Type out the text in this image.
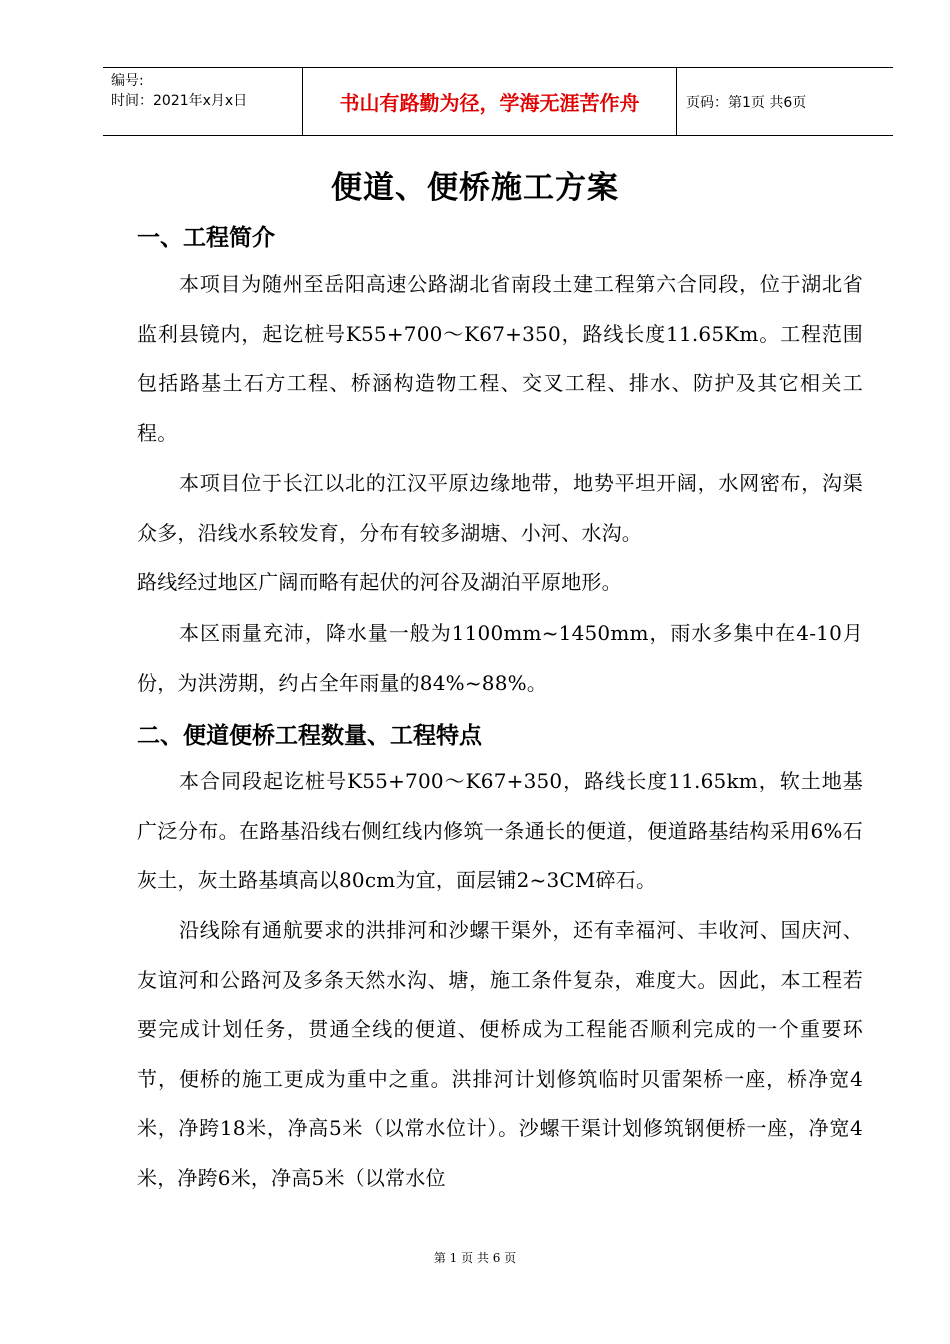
编号:
时间：2021年x月x日	书山有路勤为径，学海无涯苦作舟	页码：第1页 共6页
便道、便桥施工方案
一、工程简介
本项目为随州至岳阳高速公路湖北省南段土建工程第六合同段，位于湖北省监利县镜内，起讫桩号K55+700～K67+350，路线长度11.65Km。工程范围包括路基土石方工程、桥涵构造物工程、交叉工程、排水、防护及其它相关工程。
本项目位于长江以北的江汉平原边缘地带，地势平坦开阔，水网密布，沟渠众多，沿线水系较发育，分布有较多湖塘、小河、水沟。
路线经过地区广阔而略有起伏的河谷及湖泊平原地形。
本区雨量充沛，降水量一般为1100mm~1450mm，雨水多集中在4-10月份，为洪涝期，约占全年雨量的84%~88%。
二、便道便桥工程数量、工程特点
本合同段起讫桩号K55+700～K67+350，路线长度11.65km，软土地基广泛分布。在路基沿线右侧红线内修筑一条通长的便道，便道路基结构采用6%石灰土，灰土路基填高以80cm为宜，面层铺2~3CM碎石。
沿线除有通航要求的洪排河和沙螺干渠外，还有幸福河、丰收河、国庆河、友谊河和公路河及多条天然水沟、塘，施工条件复杂，难度大。因此，本工程若要完成计划任务，贯通全线的便道、便桥成为工程能否顺利完成的一个重要环节，便桥的施工更成为重中之重。洪排河计划修筑临时贝雷架桥一座，桥净宽4米，净跨18米，净高5米（以常水位计）。沙螺干渠计划修筑钢便桥一座，净宽4米，净跨6米，净高5米（以常水位
第 1 页 共 6 页
